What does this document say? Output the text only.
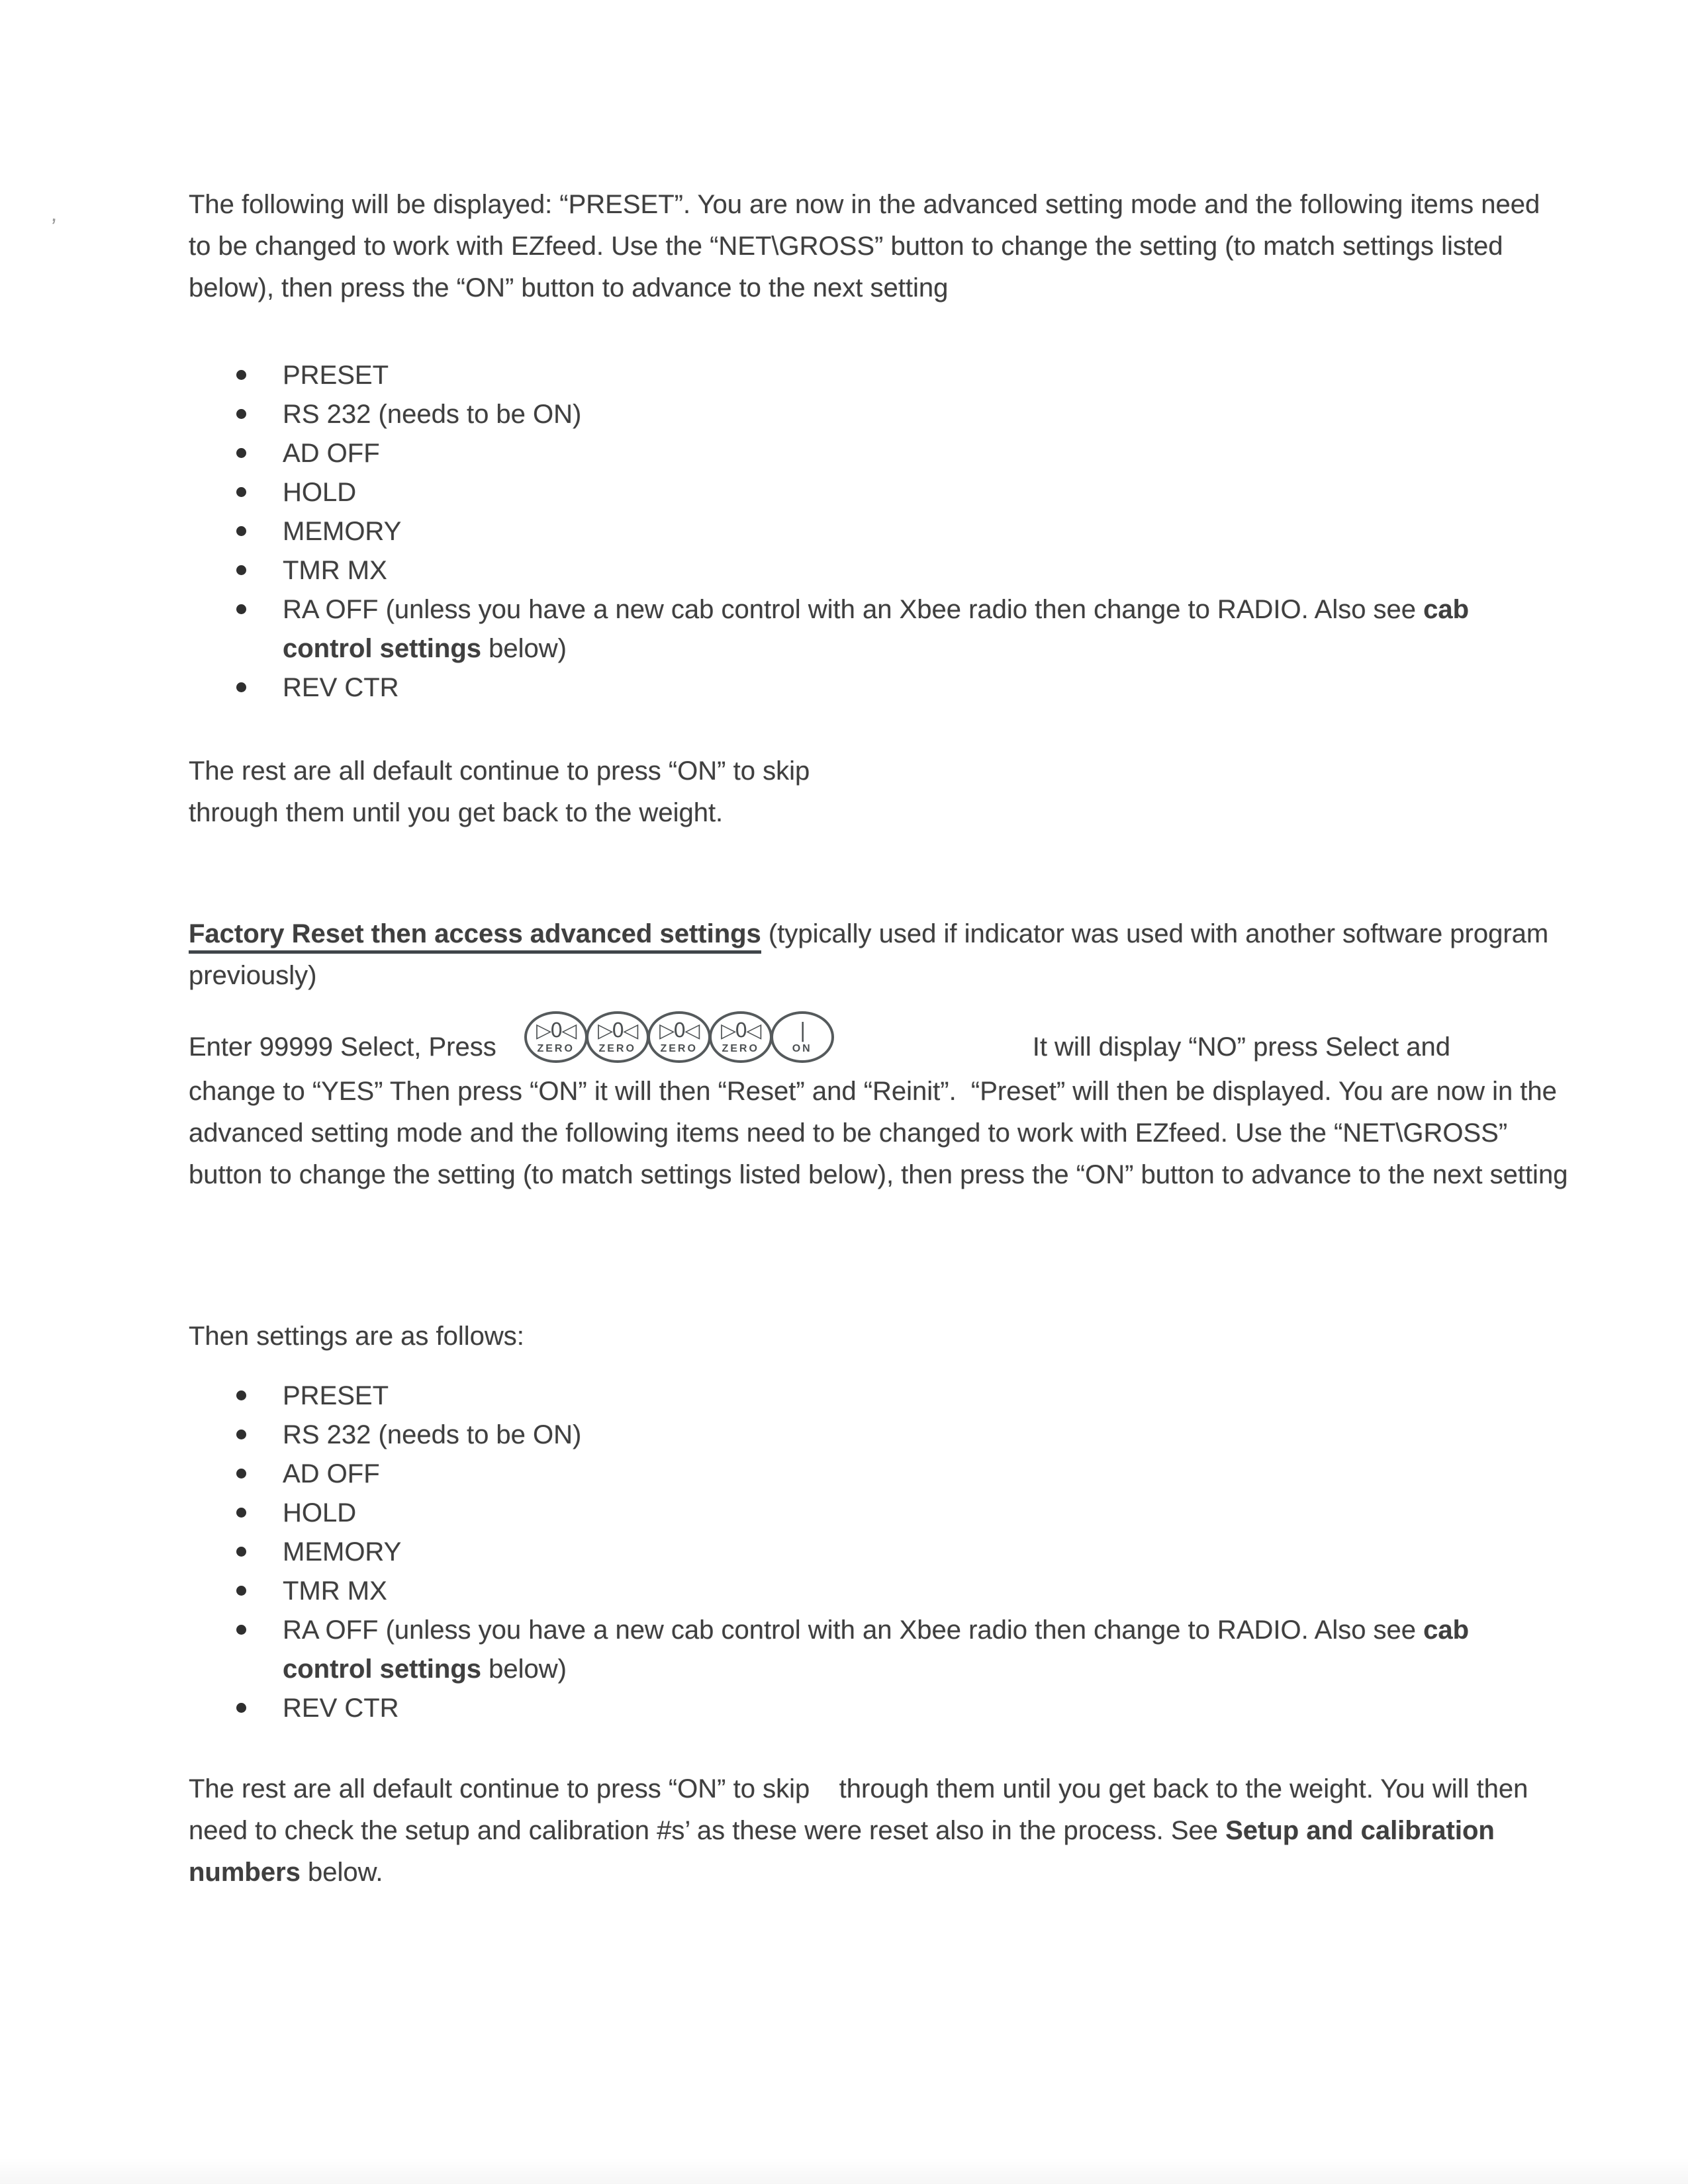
’

The following will be displayed: “PRESET”. You are now in the advanced setting mode and the following items need to be changed to work with EZfeed. Use the “NET\GROSS” button to change the setting (to match settings listed below), then press the “ON” button to advance to the next setting

PRESET
RS 232 (needs to be ON)
AD OFF
HOLD
MEMORY
TMR MX
RA OFF (unless you have a new cab control with an Xbee radio then change to RADIO. Also see cab control settings below)
REV CTR

The rest are all default continue to press “ON” to skip
through them until you get back to the weight.

Factory Reset then access advanced settings (typically used if indicator was used with another software program previously)

Enter 99999 Select, Press
▷0◁
ZERO
▷0◁
ZERO
▷0◁
ZERO
▷0◁
ZERO
|
ON	It will display “NO” press Select and

change to “YES” Then press “ON” it will then “Reset” and “Reinit”.  “Preset” will then be displayed. You are now in the advanced setting mode and the following items need to be changed to work with EZfeed. Use the “NET\GROSS” button to change the setting (to match settings listed below), then press the “ON” button to advance to the next setting

Then settings are as follows:

PRESET
RS 232 (needs to be ON)
AD OFF
HOLD
MEMORY
TMR MX
RA OFF (unless you have a new cab control with an Xbee radio then change to RADIO. Also see cab control settings below)
REV CTR

The rest are all default continue to press “ON” to skip    through them until you get back to the weight. You will then need to check the setup and calibration #s’ as these were reset also in the process. See Setup and calibration numbers below.
